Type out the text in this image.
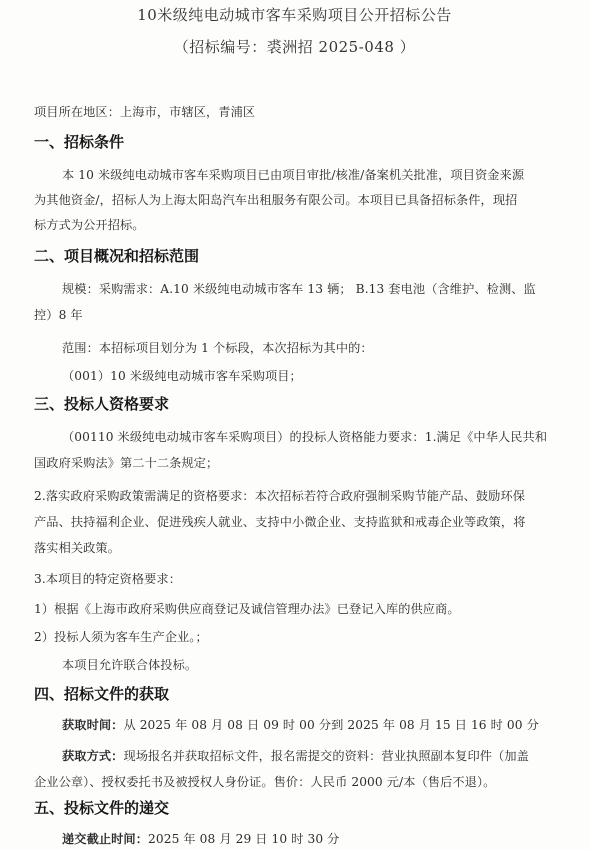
10米级纯电动城市客车采购项目公开招标公告
（招标编号：裘洲招 2025-048 ）
项目所在地区：上海市，市辖区，青浦区
一、招标条件
本 10 米级纯电动城市客车采购项目已由项目审批/核准/备案机关批准，项目资金来源
为其他资金/，招标人为上海太阳岛汽车出租服务有限公司。本项目已具备招标条件，现招
标方式为公开招标。
二、项目概况和招标范围
规模：采购需求：A.10 米级纯电动城市客车 13 辆； B.13 套电池（含维护、检测、监
控）8 年
范围：本招标项目划分为 1 个标段，本次招标为其中的：
（001）10 米级纯电动城市客车采购项目；
三、投标人资格要求
（00110 米级纯电动城市客车采购项目）的投标人资格能力要求：1.满足《中华人民共和
国政府采购法》第二十二条规定；
2.落实政府采购政策需满足的资格要求：本次招标若符合政府强制采购节能产品、鼓励环保
产品、扶持福利企业、促进残疾人就业、支持中小微企业、支持监狱和戒毒企业等政策，将
落实相关政策。
3.本项目的特定资格要求：
1）根据《上海市政府采购供应商登记及诚信管理办法》已登记入库的供应商。
2）投标人须为客车生产企业。；
本项目允许联合体投标。
四、招标文件的获取
获取时间：从 2025 年 08 月 08 日 09 时 00 分到 2025 年 08 月 15 日 16 时 00 分
获取方式：现场报名并获取招标文件，报名需提交的资料：营业执照副本复印件（加盖
企业公章）、授权委托书及被授权人身份证。售价：人民币 2000 元/本（售后不退）。
五、投标文件的递交
递交截止时间：2025 年 08 月 29 日 10 时 30 分
